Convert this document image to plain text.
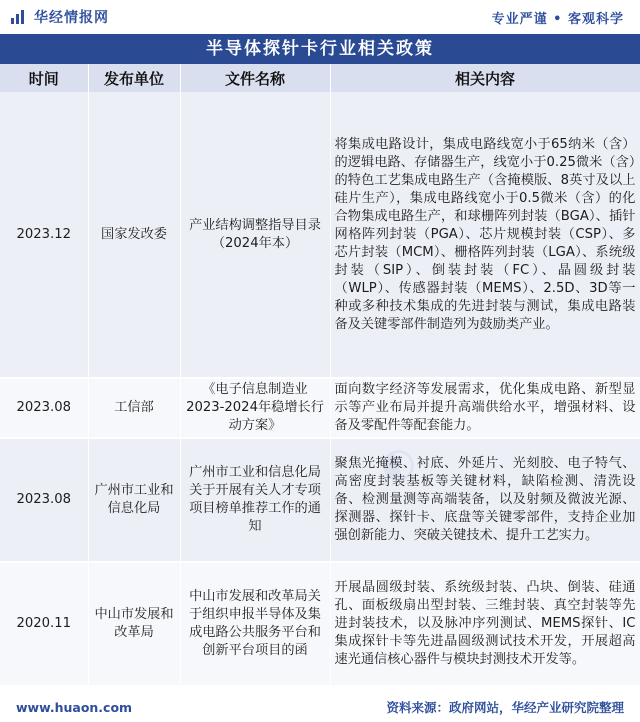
华经情报网	专业严谨 • 客观科学
半导体探针卡行业相关政策
时间	发布单位	文件名称	相关内容
2023.12	国家发改委	产业结构调整指导目录（2024年本）	将集成电路设计，集成电路线宽小于65纳米（含）的逻辑电路、存储器生产，线宽小于0.25微米（含）的特色工艺集成电路生产（含掩模版、8英寸及以上硅片生产），集成电路线宽小于0.5微米（含）的化合物集成电路生产，和球栅阵列封装（BGA）、插针网格阵列封装（PGA）、芯片规模封装（CSP）、多芯片封装（MCM）、栅格阵列封装（LGA）、系统级封装（SIP）、倒装封装（FC）、晶圆级封装（WLP）、传感器封装（MEMS）、2.5D、3D等一种或多种技术集成的先进封装与测试，集成电路装备及关键零部件制造列为鼓励类产业。
2023.08	工信部	《电子信息制造业2023-2024年稳增长行动方案》	面向数字经济等发展需求，优化集成电路、新型显示等产业布局并提升高端供给水平，增强材料、设备及零配件等配套能力。
2023.08	广州市工业和信息化局	广州市工业和信息化局关于开展有关人才专项项目榜单推荐工作的通知	聚焦光掩模、衬底、外延片、光刻胶、电子特气、高密度封装基板等关键材料，缺陷检测、清洗设备、检测量测等高端装备，以及射频及微波光源、探测器、探针卡、底盘等关键零部件，支持企业加强创新能力、突破关键技术、提升工艺实力。
2020.11	中山市发展和改革局	中山市发展和改革局关于组织申报半导体及集成电路公共服务平台和创新平台项目的函	开展晶圆级封装、系统级封装、凸块、倒装、硅通孔、面板级扇出型封装、三维封装、真空封装等先进封装技术，以及脉冲序列测试、MEMS探针、IC集成探针卡等先进晶圆级测试技术开发，开展超高速光通信核心器件与模块封测技术开发等。
www.huaon.com	资料来源：政府网站，华经产业研究院整理
